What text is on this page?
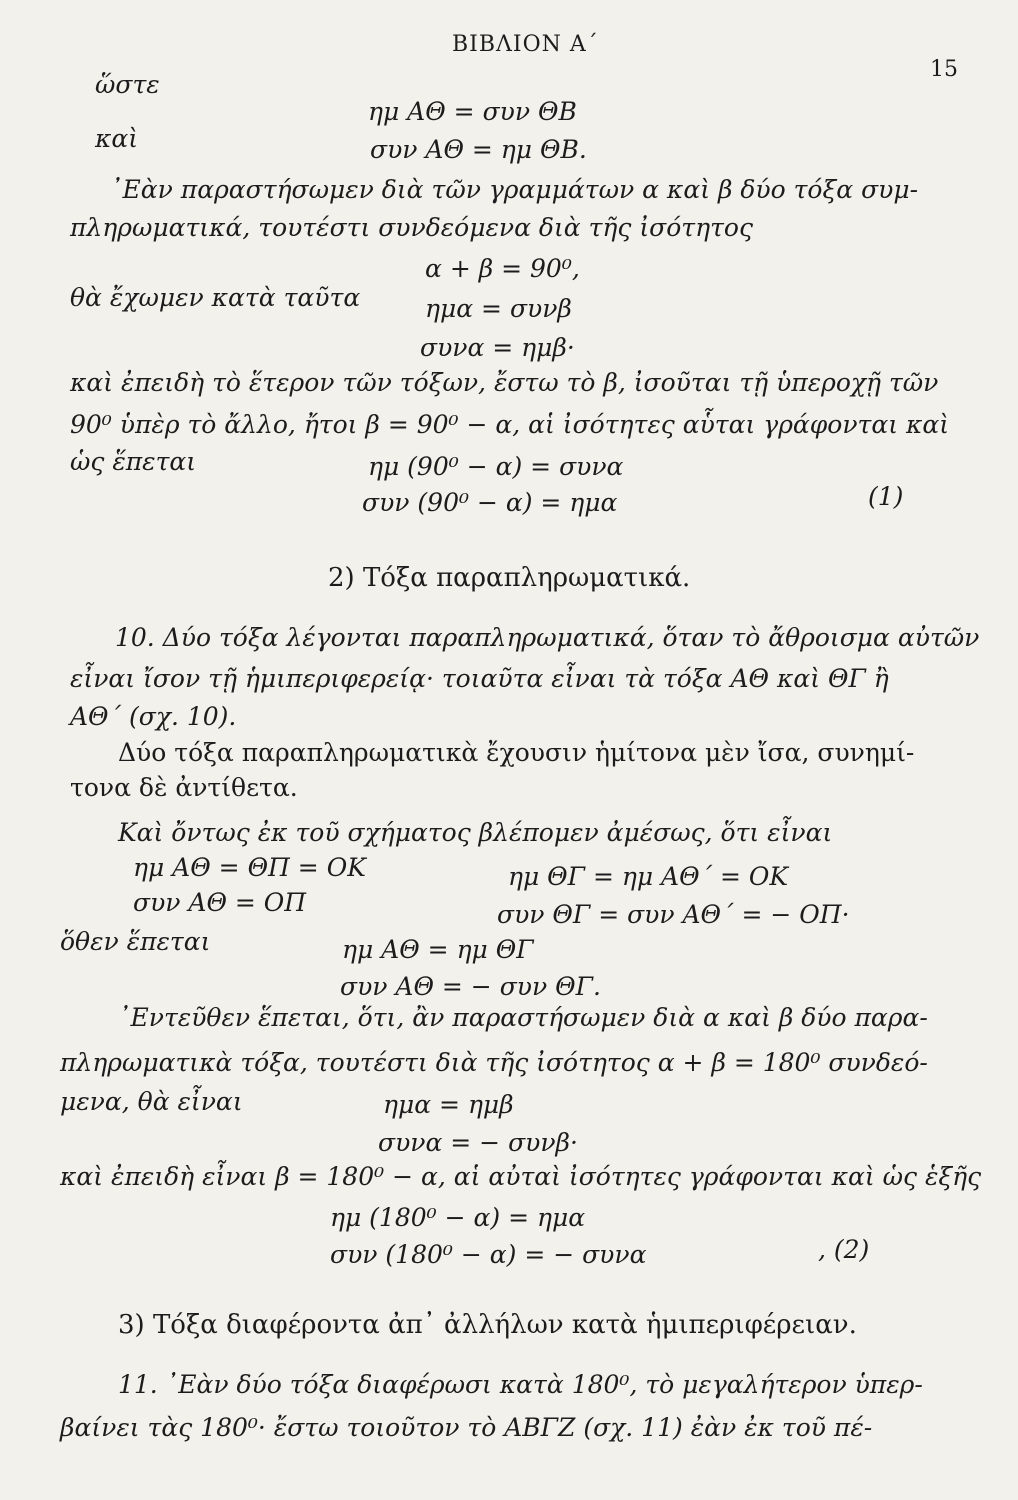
ΒΙΒΛΙΟΝ Α΄
15
ὥστε
ημ ΑΘ = συν ΘΒ
καὶ	συν ΑΘ = ημ ΘΒ.
᾿Εὰν παραστήσωμεν διὰ τῶν γραμμάτων α καὶ β δύο τόξα συμ-
πληρωματικά, τουτέστι συνδεόμενα διὰ τῆς ἰσότητος
α + β = 90⁰,
θὰ ἔχωμεν κατὰ ταῦτα	ημα = συνβ
συνα = ημβ·
καὶ ἐπειδὴ τὸ ἕτερον τῶν τόξων, ἔστω τὸ β, ἰσοῦται τῇ ὑπεροχῇ τῶν
90⁰ ὑπὲρ τὸ ἄλλο, ἤτοι β = 90⁰ − α, αἱ ἰσότητες αὗται γράφονται καὶ
ὡς ἕπεται	ημ (90⁰ − α) = συνα
συν (90⁰ − α) = ημα	(1)
2) Τόξα παραπληρωματικά.
10. Δύο τόξα λέγονται παραπληρωματικά, ὅταν τὸ ἄθροισμα αὐτῶν
εἶναι ἴσον τῇ ἡμιπεριφερείᾳ· τοιαῦτα εἶναι τὰ τόξα ΑΘ καὶ ΘΓ ἢ
ΑΘ΄ (σχ. 10).
Δύο τόξα παραπληρωματικὰ ἔχουσιν ἡμίτονα μὲν ἴσα, συνημί-
τονα δὲ ἀντίθετα.
Καὶ ὄντως ἐκ τοῦ σχήματος βλέπομεν ἀμέσως, ὅτι εἶναι
ημ ΑΘ = ΘΠ = ΟΚ	ημ ΘΓ = ημ ΑΘ΄ = ΟΚ
συν ΑΘ = ΟΠ	συν ΘΓ = συν ΑΘ΄ = − ΟΠ·
ὅθεν ἕπεται	ημ ΑΘ = ημ ΘΓ
συν ΑΘ = − συν ΘΓ.
᾿Εντεῦθεν ἕπεται, ὅτι, ἂν παραστήσωμεν διὰ α καὶ β δύο παρα-
πληρωματικὰ τόξα, τουτέστι διὰ τῆς ἰσότητος α + β = 180⁰ συνδεό-
μενα, θὰ εἶναι	ημα = ημβ
συνα = − συνβ·
καὶ ἐπειδὴ εἶναι β = 180⁰ − α, αἱ αὐταὶ ἰσότητες γράφονται καὶ ὡς ἑξῆς
ημ (180⁰ − α) = ημα
συν (180⁰ − α) = − συνα	, (2)
3) Τόξα διαφέροντα ἀπ᾿ ἀλλήλων κατὰ ἡμιπεριφέρειαν.
11. ᾿Εὰν δύο τόξα διαφέρωσι κατὰ 180⁰, τὸ μεγαλήτερον ὑπερ-
βαίνει τὰς 180⁰· ἔστω τοιοῦτον τὸ ΑΒΓΖ (σχ. 11) ἐὰν ἐκ τοῦ πέ-
